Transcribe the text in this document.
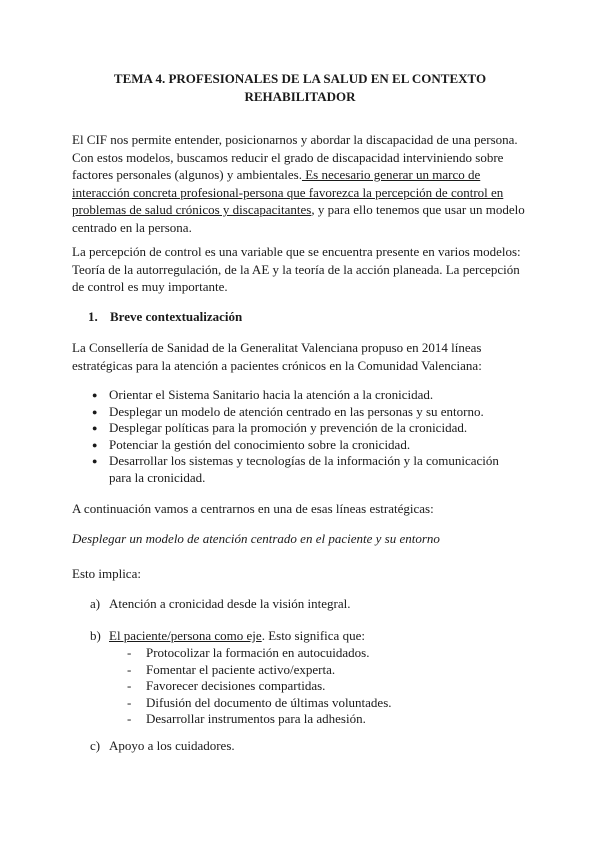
TEMA 4. PROFESIONALES DE LA SALUD EN EL CONTEXTO
REHABILITADOR
El CIF nos permite entender, posicionarnos y abordar la discapacidad de una persona. Con estos modelos, buscamos reducir el grado de discapacidad interviniendo sobre factores personales (algunos) y ambientales. Es necesario generar un marco de interacción concreta profesional-persona que favorezca la percepción de control en problemas de salud crónicos y discapacitantes, y para ello tenemos que usar un modelo centrado en la persona.
La percepción de control es una variable que se encuentra presente en varios modelos: Teoría de la autorregulación, de la AE y la teoría de la acción planeada. La percepción de control es muy importante.
1. Breve contextualización
La Consellería de Sanidad de la Generalitat Valenciana propuso en 2014 líneas estratégicas para la atención a pacientes crónicos en la Comunidad Valenciana:
● Orientar el Sistema Sanitario hacia la atención a la cronicidad.
● Desplegar un modelo de atención centrado en las personas y su entorno.
● Desplegar políticas para la promoción y prevención de la cronicidad.
● Potenciar la gestión del conocimiento sobre la cronicidad.
● Desarrollar los sistemas y tecnologías de la información y la comunicación para la cronicidad.
A continuación vamos a centrarnos en una de esas líneas estratégicas:
Desplegar un modelo de atención centrado en el paciente y su entorno
Esto implica:
a) Atención a cronicidad desde la visión integral.
b) El paciente/persona como eje. Esto significa que:
- Protocolizar la formación en autocuidados.
- Fomentar el paciente activo/experta.
- Favorecer decisiones compartidas.
- Difusión del documento de últimas voluntades.
- Desarrollar instrumentos para la adhesión.
c) Apoyo a los cuidadores.
